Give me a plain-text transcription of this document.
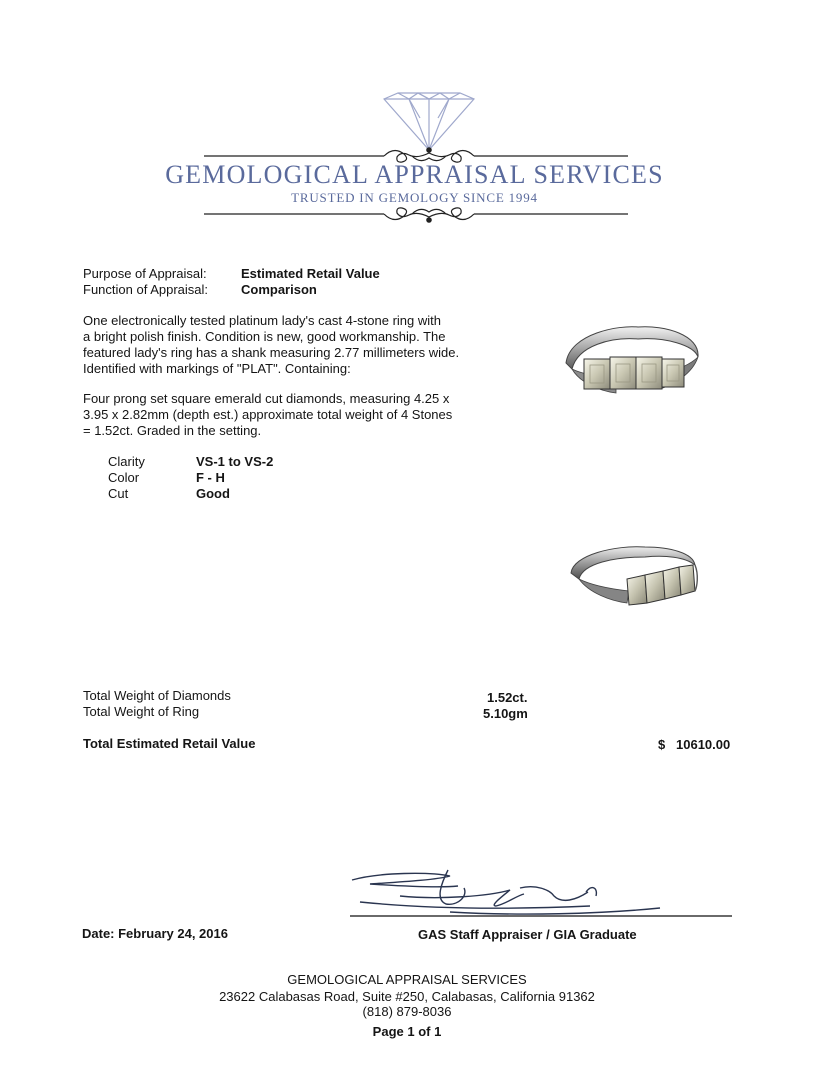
GEMOLOGICAL APPRAISAL SERVICES
TRUSTED IN GEMOLOGY SINCE 1994
Purpose of Appraisal:	Estimated Retail Value
Function of Appraisal:	Comparison
One electronically tested platinum lady's cast 4-stone ring with
a bright polish finish. Condition is new, good workmanship. The
featured lady's ring has a shank measuring 2.77 millimeters wide.
Identified with markings of "PLAT". Containing:
Four prong set square emerald cut diamonds, measuring 4.25 x
3.95 x 2.82mm (depth est.) approximate total weight of 4 Stones
= 1.52ct. Graded in the setting.
Clarity	VS-1 to VS-2
Color	F - H
Cut	Good
Total Weight of Diamonds	1.52ct.
Total Weight of Ring	5.10gm
Total Estimated Retail Value	$ 10610.00
Date: February 24, 2016	GAS Staff Appraiser / GIA Graduate
GEMOLOGICAL APPRAISAL SERVICES
23622 Calabasas Road, Suite #250, Calabasas, California 91362
(818) 879-8036
Page 1 of 1
